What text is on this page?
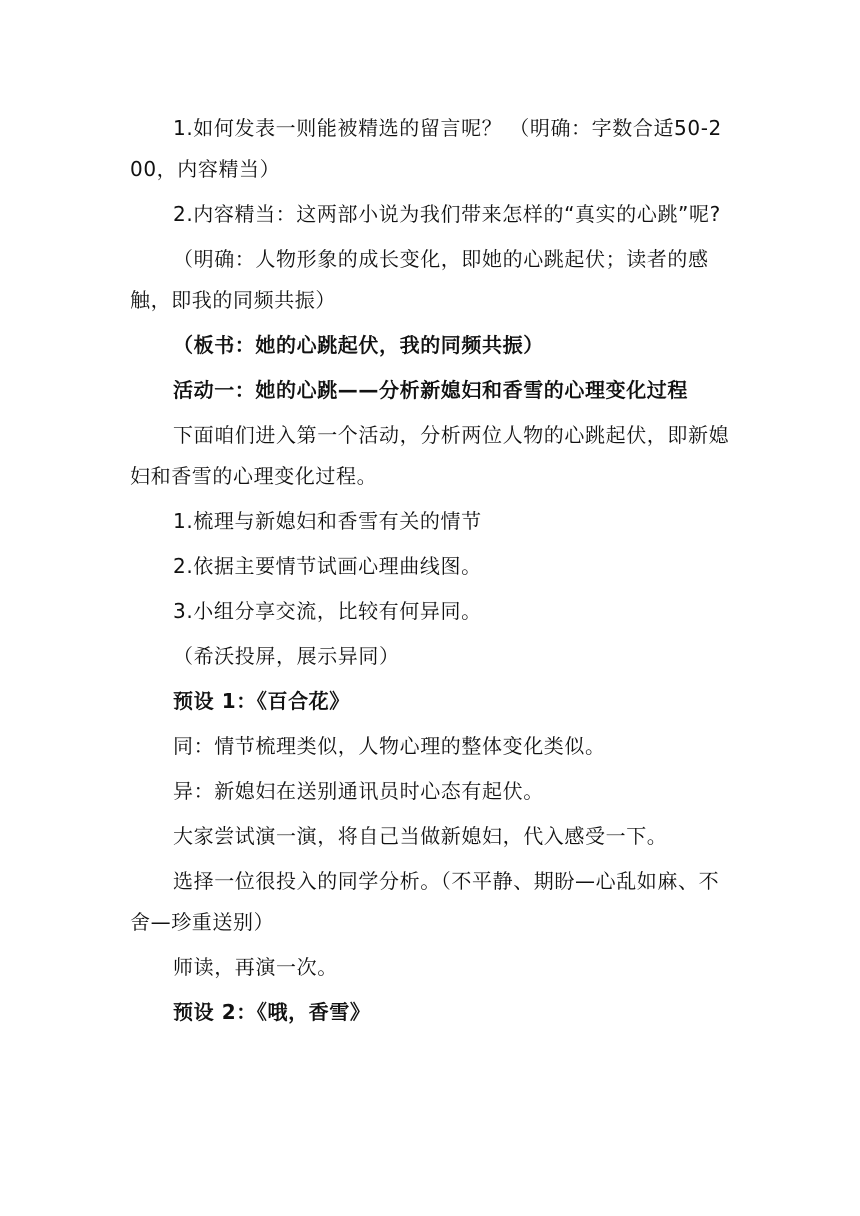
1.如何发表一则能被精选的留言呢？ （明确：字数合适50-200，内容精当）

2.内容精当：这两部小说为我们带来怎样的“真实的心跳”呢?

（明确：人物形象的成长变化，即她的心跳起伏；读者的感触，即我的同频共振）

（板书：她的心跳起伏，我的同频共振）

活动一：她的心跳——分析新媳妇和香雪的心理变化过程

下面咱们进入第一个活动，分析两位人物的心跳起伏，即新媳妇和香雪的心理变化过程。

1.梳理与新媳妇和香雪有关的情节

2.依据主要情节试画心理曲线图。

3.小组分享交流，比较有何异同。

（希沃投屏，展示异同）

预设 1：《百合花》

同：情节梳理类似，人物心理的整体变化类似。

异：新媳妇在送别通讯员时心态有起伏。

大家尝试演一演，将自己当做新媳妇，代入感受一下。

选择一位很投入的同学分析。（不平静、期盼—心乱如麻、不舍—珍重送别）

师读，再演一次。

预设 2：《哦，香雪》
